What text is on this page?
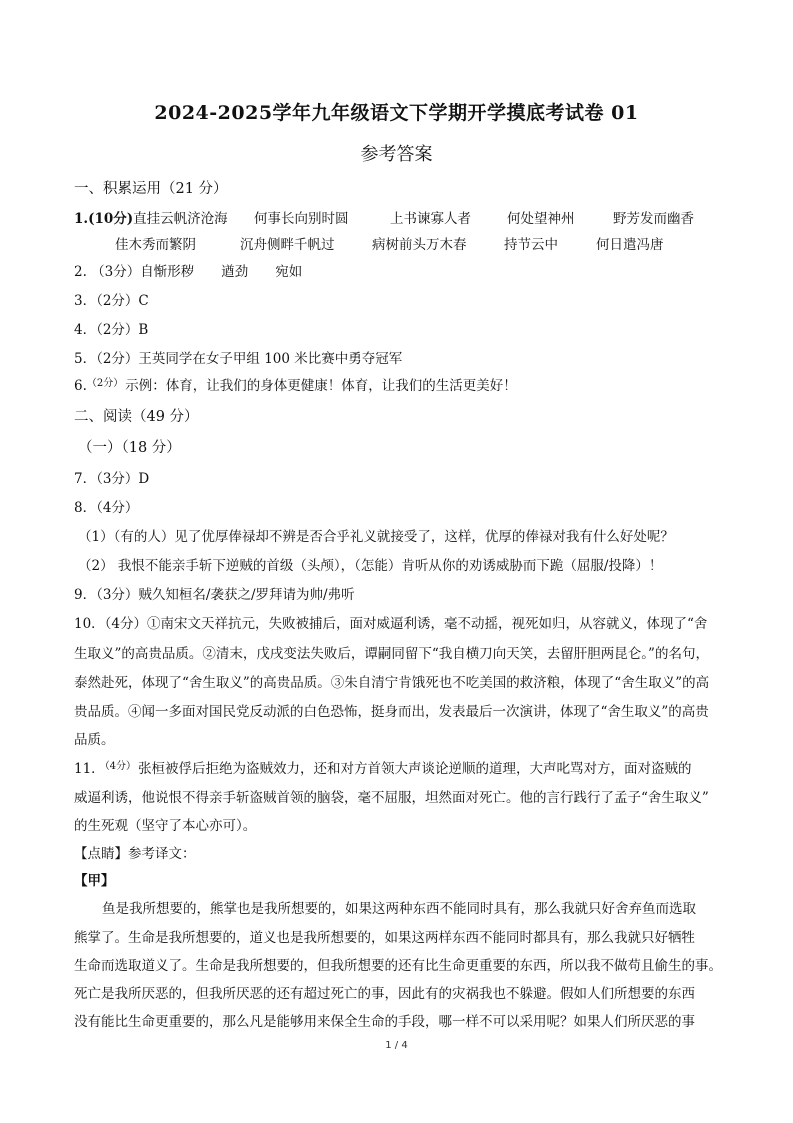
2024-2025学年九年级语文下学期开学摸底考试卷 01
参考答案
一、积累运用（21 分）
1.(10分)直挂云帆济沧海 何事长向别时圆	上书谏寡人者	何处望神州	野芳发而幽香
佳木秀而繁阴	沉舟侧畔千帆过	病树前头万木春	持节云中	何日遣冯唐
2. （3分）自惭形秽　　遒劲　　宛如
3．（2分）C
4．（2分）B
5．（2分）王英同学在女子甲组 100 米比赛中勇夺冠军
6.$^{(2分)}$ 示例：体育，让我们的身体更健康！体育，让我们的生活更美好！
二、阅读（49 分）
（一）（18 分）
7．（3分）D
8．（4分）
（1）（有的人）见了优厚俸禄却不辨是否合乎礼义就接受了，这样，优厚的俸禄对我有什么好处呢？
（2） 我恨不能亲手斩下逆贼的首级（头颅），（怎能）肯听从你的劝诱威胁而下跪（屈服/投降）！
9．（3分）贼久知桓名/袭获之/罗拜请为帅/弗听
10．（4分）①南宋文天祥抗元，失败被捕后，面对威逼利诱，毫不动摇，视死如归，从容就义，体现了“舍
生取义”的高贵品质。②清末，戊戌变法失败后，谭嗣同留下“我自横刀向天笑，去留肝胆两昆仑。”的名句，
泰然赴死，体现了“舍生取义”的高贵品质。③朱自清宁肯饿死也不吃美国的救济粮，体现了“舍生取义”的高
贵品质。④闻一多面对国民党反动派的白色恐怖，挺身而出，发表最后一次演讲，体现了“舍生取义”的高贵
品质。
11．$^{(4分)}$ 张桓被俘后拒绝为盗贼效力，还和对方首领大声谈论逆顺的道理，大声叱骂对方，面对盗贼的
威逼利诱，他说恨不得亲手斩盗贼首领的脑袋，毫不屈服，坦然面对死亡。他的言行践行了孟子“舍生取义”
的生死观（坚守了本心亦可）。
【点睛】参考译文：
【甲】
鱼是我所想要的，熊掌也是我所想要的，如果这两种东西不能同时具有，那么我就只好舍弃鱼而选取
熊掌了。生命是我所想要的，道义也是我所想要的，如果这两样东西不能同时都具有，那么我就只好牺牲
生命而选取道义了。生命是我所想要的，但我所想要的还有比生命更重要的东西，所以我不做苟且偷生的事。
死亡是我所厌恶的，但我所厌恶的还有超过死亡的事，因此有的灾祸我也不躲避。假如人们所想要的东西
没有能比生命更重要的，那么凡是能够用来保全生命的手段，哪一样不可以采用呢？如果人们所厌恶的事
1 / 4
